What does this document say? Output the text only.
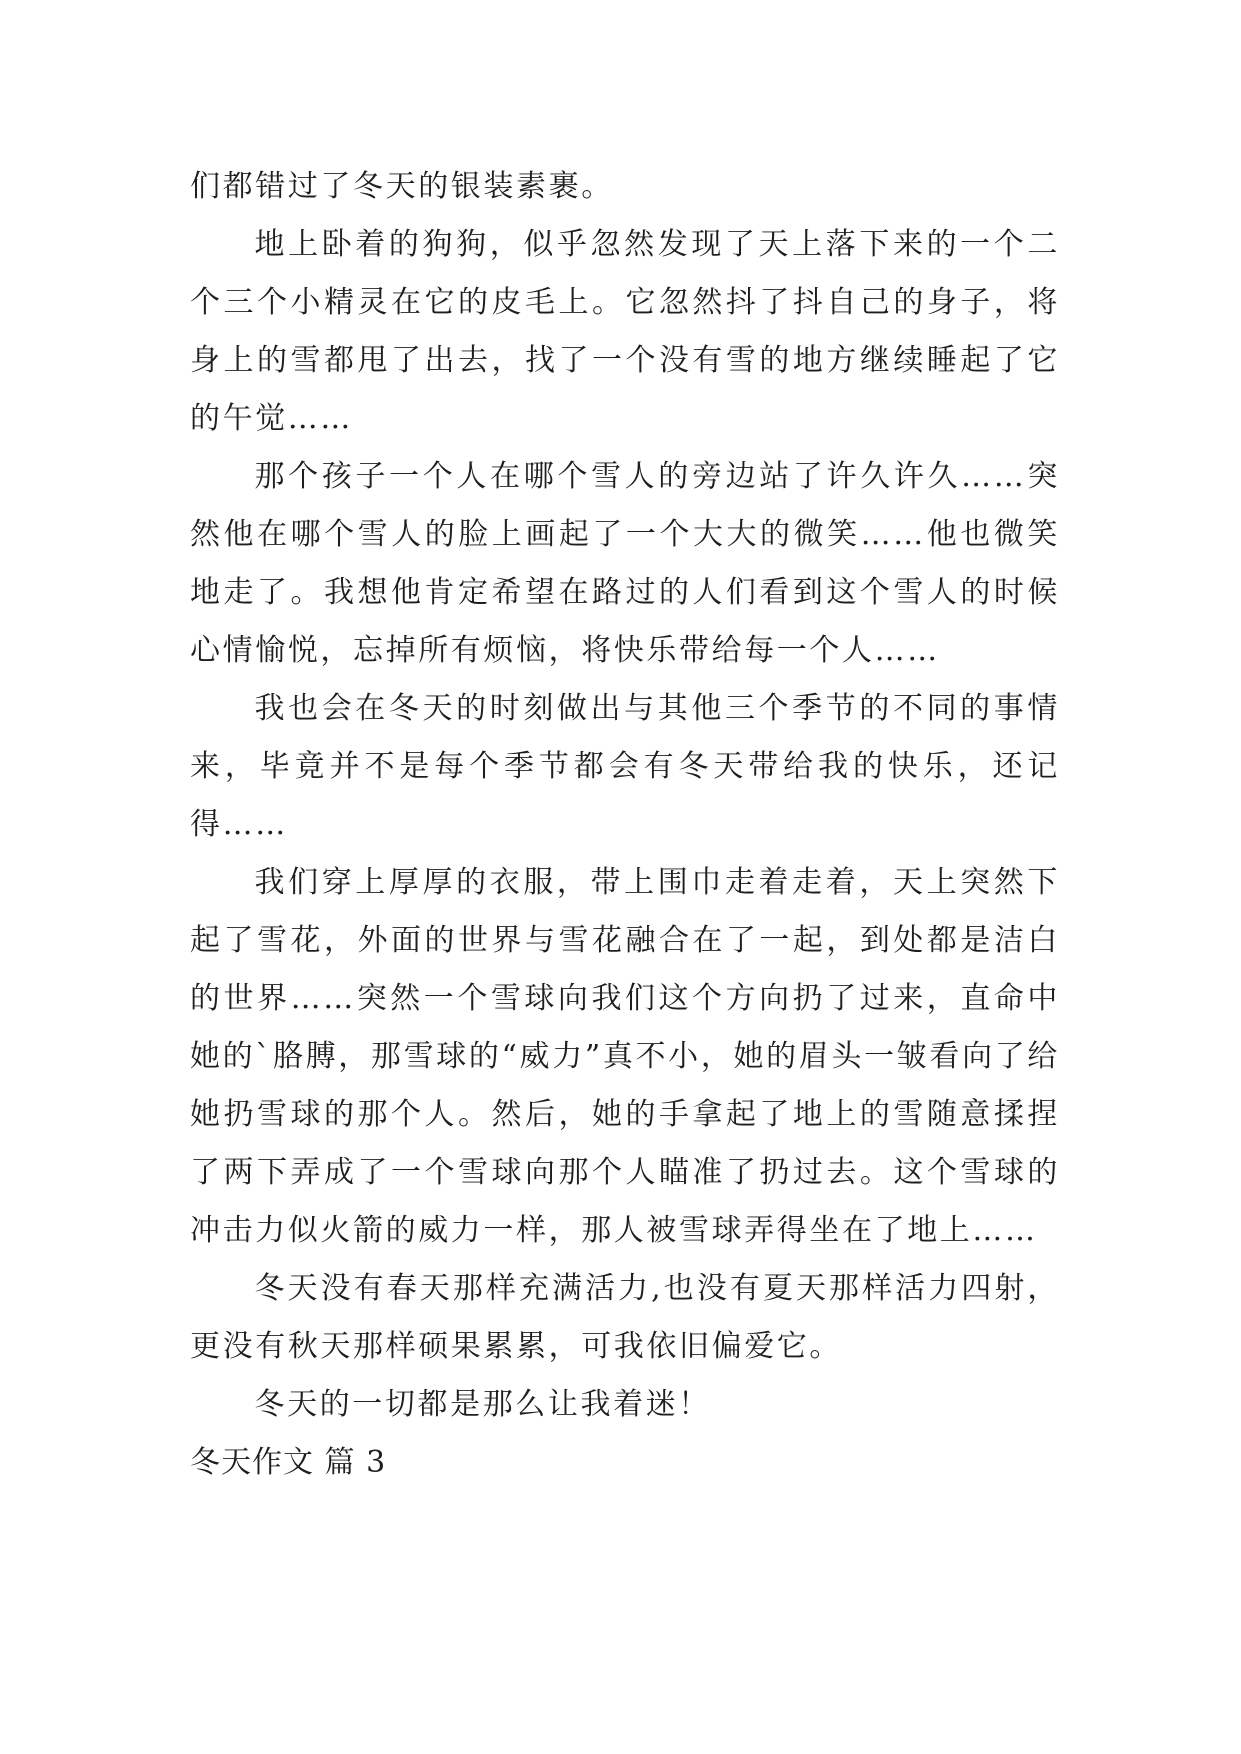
们都错过了冬天的银装素裹。

地上卧着的狗狗，似乎忽然发现了天上落下来的一个二个三个小精灵在它的皮毛上。它忽然抖了抖自己的身子，将身上的雪都甩了出去，找了一个没有雪的地方继续睡起了它的午觉……

那个孩子一个人在哪个雪人的旁边站了许久许久……突然他在哪个雪人的脸上画起了一个大大的微笑……他也微笑地走了。我想他肯定希望在路过的人们看到这个雪人的时候心情愉悦，忘掉所有烦恼，将快乐带给每一个人……

我也会在冬天的时刻做出与其他三个季节的不同的事情来，毕竟并不是每个季节都会有冬天带给我的快乐，还记得……

我们穿上厚厚的衣服，带上围巾走着走着，天上突然下起了雪花，外面的世界与雪花融合在了一起，到处都是洁白的世界……突然一个雪球向我们这个方向扔了过来，直命中她的`胳膊，那雪球的“威力”真不小，她的眉头一皱看向了给她扔雪球的那个人。然后，她的手拿起了地上的雪随意揉捏了两下弄成了一个雪球向那个人瞄准了扔过去。这个雪球的冲击力似火箭的威力一样，那人被雪球弄得坐在了地上……

冬天没有春天那样充满活力,也没有夏天那样活力四射，更没有秋天那样硕果累累，可我依旧偏爱它。

冬天的一切都是那么让我着迷！

冬天作文 篇 3
